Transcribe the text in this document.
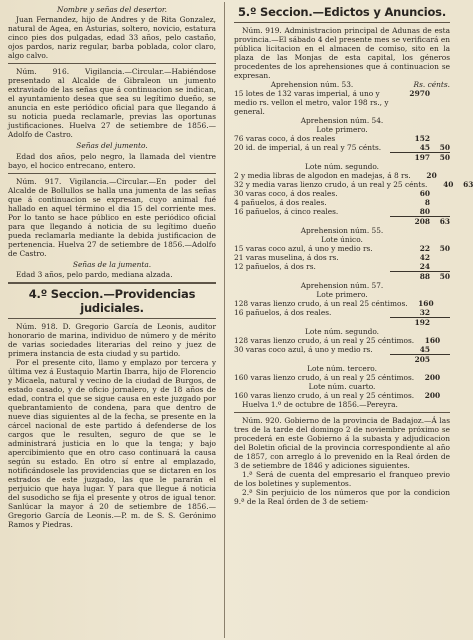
Nombre y señas del desertor.

Juan Fernandez, hijo de Andres y de Rita Gonzalez, natural de Agea, en Asturias, soltero, novicio, estatura cinco pies dos pulgadas, edad 33 años, pelo castaño, ojos pardos, nariz regular, barba poblada, color claro, algo calvo.

Núm. 916. Vigilancia.—Circular.—Habiéndose presentado al Alcalde de Gibraleon un jumento extraviado de las señas que á continuacion se indican, el ayuntamiento desea que sea su legítimo dueño, se anuncia en este periódico oficial para que llegando á su noticia pueda reclamarle, previas las oportunas justificaciones. Huelva 27 de setiembre de 1856.—Adolfo de Castro.

Señas del jumento.

Edad dos años, pelo negro, la llamada del vientre bayo, el hocico entrecano, entero.

Núm. 917. Vigilancia.—Circular.—En poder del Alcalde de Bollullos se halla una jumenta de las señas que á continuacion se expresan, cuyo animal fué hallado en aquel término el dia 15 del corriente mes. Por lo tanto se hace público en este periódico oficial para que llegando á noticia de su legítimo dueño pueda reclamarla mediante la debida justificacion de pertenencia. Huelva 27 de setiembre de 1856.—Adolfo de Castro.

Señas de la jumenta.

Edad 3 años, pelo pardo, mediana alzada.

4.º Seccion.—Providencias judiciales.

Núm. 918. D. Gregorio García de Leonis, auditor honorario de marina, individuo de número y de mérito de varias sociedades literarias del reino y juez de primera instancia de esta ciudad y su partido.

Por el presente cito, llamo y emplazo por tercera y última vez á Eustaquio Martin Ibarra, hijo de Florencio y Micaela, natural y vecino de la ciudad de Burgos, de estado casado, y de oficio jornalero, y de 18 años de edad, contra el que se sigue causa en este juzgado por quebrantamiento de condena, para que dentro de nueve dias siguientes al de la fecha, se presente en la cárcel nacional de este partido á defenderse de los cargos que le resulten, seguro de que se le administrará justicia en lo que la tenga; y bajo apercibimiento que en otro caso continuará la causa según su estado. En otro sí entre al emplazado, notificándosele las providencias que se dictaren en los estrados de este juzgado, las que le pararán el perjuicio que haya lugar. Y para que llegue á noticia del susodicho se fija el presente y otros de igual tenor. Sanlúcar la mayor á 20 de setiembre de 1856.—Gregorio García de Leonis.—P. m. de S. S. Gerónimo Ramos y Piedras.

5.º Seccion.—Edictos y Anuncios.

Núm. 919. Administracion principal de Adunas de esta provincia.—El sábado 4 del presente mes se verificará en pública licitacion en el almacen de comiso, sito en la plaza de las Monjas de esta capital, los géneros procedentes de los aprehensiones que á continuacion se expresan.

Aprehension núm. 53.	Rs. cénts.
15 lotes de 132 varas imperial, á uno y medio rs. vellon el metro, valor 198 rs., y general.
2970

Aprehension núm. 54.

Lote primero.

76 varas coco, á dos reales	152
20 id. de imperial, á un real y 75 cénts.	45	50
197	50

Lote núm. segundo.

2 y media libras de algodon en madejas, á 8 rs.	20
32 y media varas lienzo crudo, á un real y 25 cénts.	40	63
30 varas coco, á dos reales.	60
4 pañuelos, á dos reales.	8
16 pañuelos, á cinco reales.	80
208	63

Aprehension núm. 55.

Lote único.

15 varas coco azul, á uno y medio rs.	22	50
21 varas muselina, á dos rs.	42
12 pañuelos, á dos rs.	24
88	50

Aprehension núm. 57.

Lote primero.

128 varas lienzo crudo, á un real 25 céntimos.	160
16 pañuelos, á dos reales.	32
192

Lote núm. segundo.

128 varas lienzo crudo, á un real y 25 céntimos.	160
30 varas coco azul, á uno y medio rs.	45
205

Lote núm. tercero.

160 varas lienzo crudo, á un real y 25 céntimos.	200

Lote núm. cuarto.

160 varas lienzo crudo, á un real y 25 céntimos.	200

Huelva 1.º de octubre de 1856.—Pereyra.

Núm. 920. Gobierno de la provincia de Badajoz.—Á las tres de la tarde del domingo 2 de noviembre próximo se procederá en este Gobierno á la subasta y adjudicacion del Boletin oficial de la provincia correspondiente al año de 1857, con arreglo á lo prevenido en la Real órden de 3 de setiembre de 1846 y adiciones siguientes.

1.ª Será de cuenta del empresario el franqueo previo de los boletines y suplementos.

2.ª Sin perjuicio de los números que por la condicion 9.ª de la Real órden de 3 de setiem-
